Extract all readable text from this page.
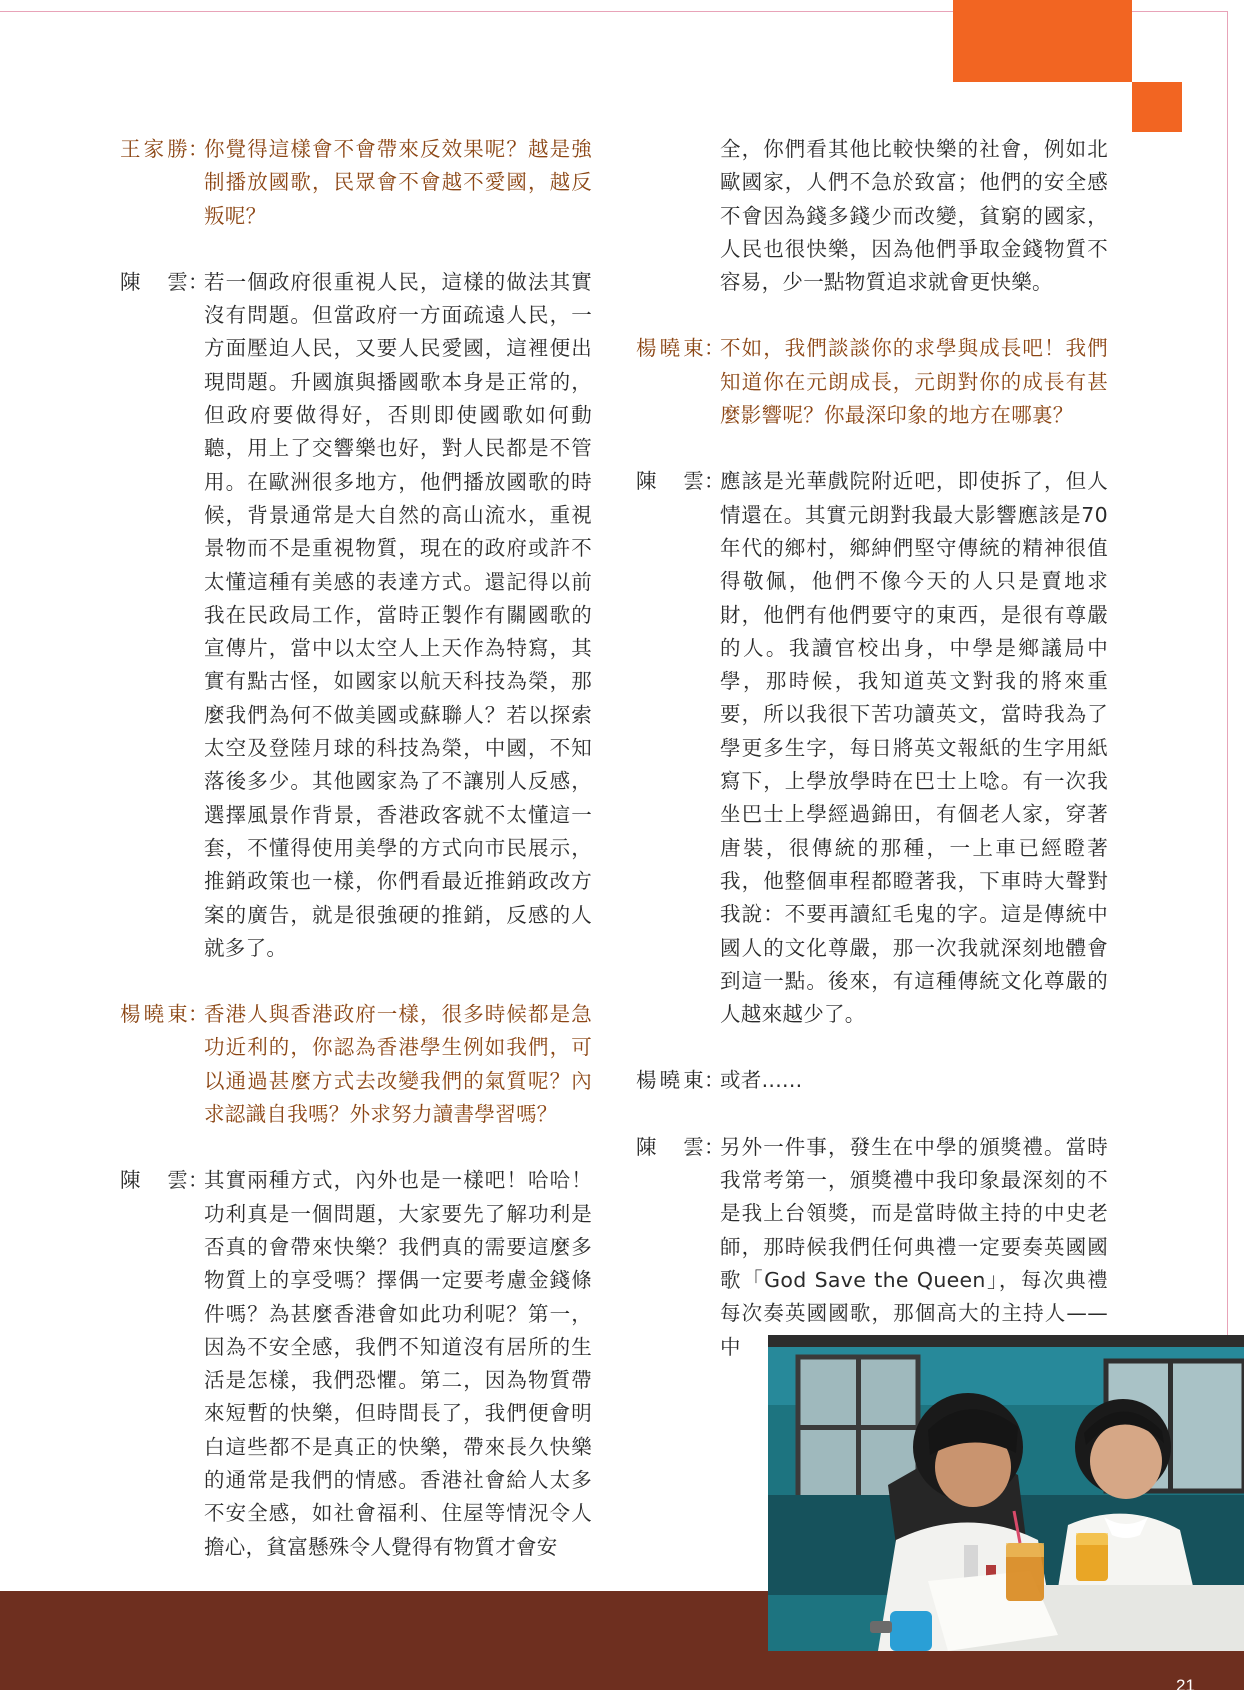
王家勝：
你覺得這樣會不會帶來反效果呢？越是強制播放國歌，民眾會不會越不愛國，越反叛呢？
陳　雲：
若一個政府很重視人民，這樣的做法其實沒有問題。但當政府一方面疏遠人民，一方面壓迫人民，又要人民愛國，這裡便出現問題。升國旗與播國歌本身是正常的，但政府要做得好，否則即使國歌如何動聽，用上了交響樂也好，對人民都是不管用。在歐洲很多地方，他們播放國歌的時候，背景通常是大自然的高山流水，重視景物而不是重視物質，現在的政府或許不太懂這種有美感的表達方式。還記得以前我在民政局工作，當時正製作有關國歌的宣傳片，當中以太空人上天作為特寫，其實有點古怪，如國家以航天科技為榮，那麼我們為何不做美國或蘇聯人？若以探索太空及登陸月球的科技為榮，中國，不知落後多少。其他國家為了不讓別人反感，選擇風景作背景，香港政客就不太懂這一套，不懂得使用美學的方式向市民展示，推銷政策也一樣，你們看最近推銷政改方案的廣告，就是很強硬的推銷，反感的人就多了。
楊曉東：
香港人與香港政府一樣，很多時候都是急功近利的，你認為香港學生例如我們，可以通過甚麼方式去改變我們的氣質呢？內求認識自我嗎？外求努力讀書學習嗎？
陳　雲：
其實兩種方式，內外也是一樣吧！哈哈！功利真是一個問題，大家要先了解功利是否真的會帶來快樂？我們真的需要這麼多物質上的享受嗎？擇偶一定要考慮金錢條件嗎？為甚麼香港會如此功利呢？第一，因為不安全感，我們不知道沒有居所的生活是怎樣，我們恐懼。第二，因為物質帶來短暫的快樂，但時間長了，我們便會明白這些都不是真正的快樂，帶來長久快樂的通常是我們的情感。香港社會給人太多不安全感，如社會福利、住屋等情況令人擔心，貧富懸殊令人覺得有物質才會安
全，你們看其他比較快樂的社會，例如北歐國家，人們不急於致富；他們的安全感不會因為錢多錢少而改變，貧窮的國家，人民也很快樂，因為他們爭取金錢物質不容易，少一點物質追求就會更快樂。
楊曉東：
不如，我們談談你的求學與成長吧！我們知道你在元朗成長，元朗對你的成長有甚麼影響呢？你最深印象的地方在哪裏？
陳　雲：
應該是光華戲院附近吧，即使拆了，但人情還在。其實元朗對我最大影響應該是70年代的鄉村，鄉紳們堅守傳統的精神很值得敬佩，他們不像今天的人只是賣地求財，他們有他們要守的東西，是很有尊嚴的人。我讀官校出身，中學是鄉議局中學，那時候，我知道英文對我的將來重要，所以我很下苦功讀英文，當時我為了學更多生字，每日將英文報紙的生字用紙寫下，上學放學時在巴士上唸。有一次我坐巴士上學經過錦田，有個老人家，穿著唐裝，很傳統的那種，一上車已經瞪著我，他整個車程都瞪著我，下車時大聲對我說：不要再讀紅毛鬼的字。這是傳統中國人的文化尊嚴，那一次我就深刻地體會到這一點。後來，有這種傳統文化尊嚴的人越來越少了。
楊曉東：
或者......
陳　雲：
另外一件事，發生在中學的頒獎禮。當時我常考第一，頒獎禮中我印象最深刻的不是我上台領獎，而是當時做主持的中史老師，那時候我們任何典禮一定要奏英國國歌「God Save the Queen」，每次典禮每次奏英國國歌，那個高大的主持人——中
21
